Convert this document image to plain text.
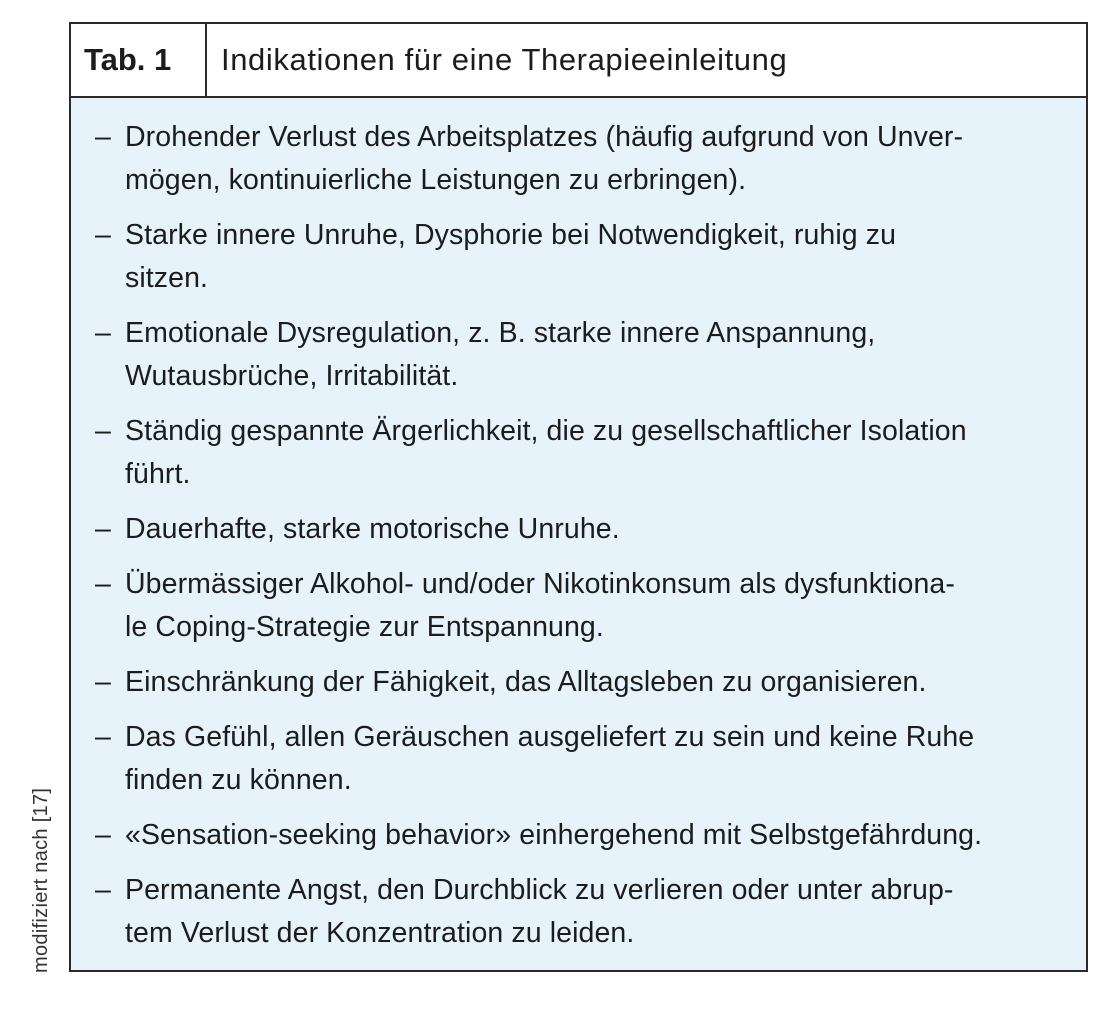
Tab. 1	Indikationen für eine Therapieeinleitung
– Drohender Verlust des Arbeitsplatzes (häufig aufgrund von Unver-
mögen, kontinuierliche Leistungen zu erbringen).
– Starke innere Unruhe, Dysphorie bei Notwendigkeit, ruhig zu
sitzen.
– Emotionale Dysregulation, z. B. starke innere Anspannung,
Wutausbrüche, Irritabilität.
– Ständig gespannte Ärgerlichkeit, die zu gesellschaftlicher Isolation
führt.
– Dauerhafte, starke motorische Unruhe.
– Übermässiger Alkohol- und/oder Nikotinkonsum als dysfunktiona-
le Coping-Strategie zur Entspannung.
– Einschränkung der Fähigkeit, das Alltagsleben zu organisieren.
– Das Gefühl, allen Geräuschen ausgeliefert zu sein und keine Ruhe
finden zu können.
– «Sensation-seeking behavior» einhergehend mit Selbstgefährdung.
– Permanente Angst, den Durchblick zu verlieren oder unter abrup-
tem Verlust der Konzentration zu leiden.
modifiziert nach [17]
